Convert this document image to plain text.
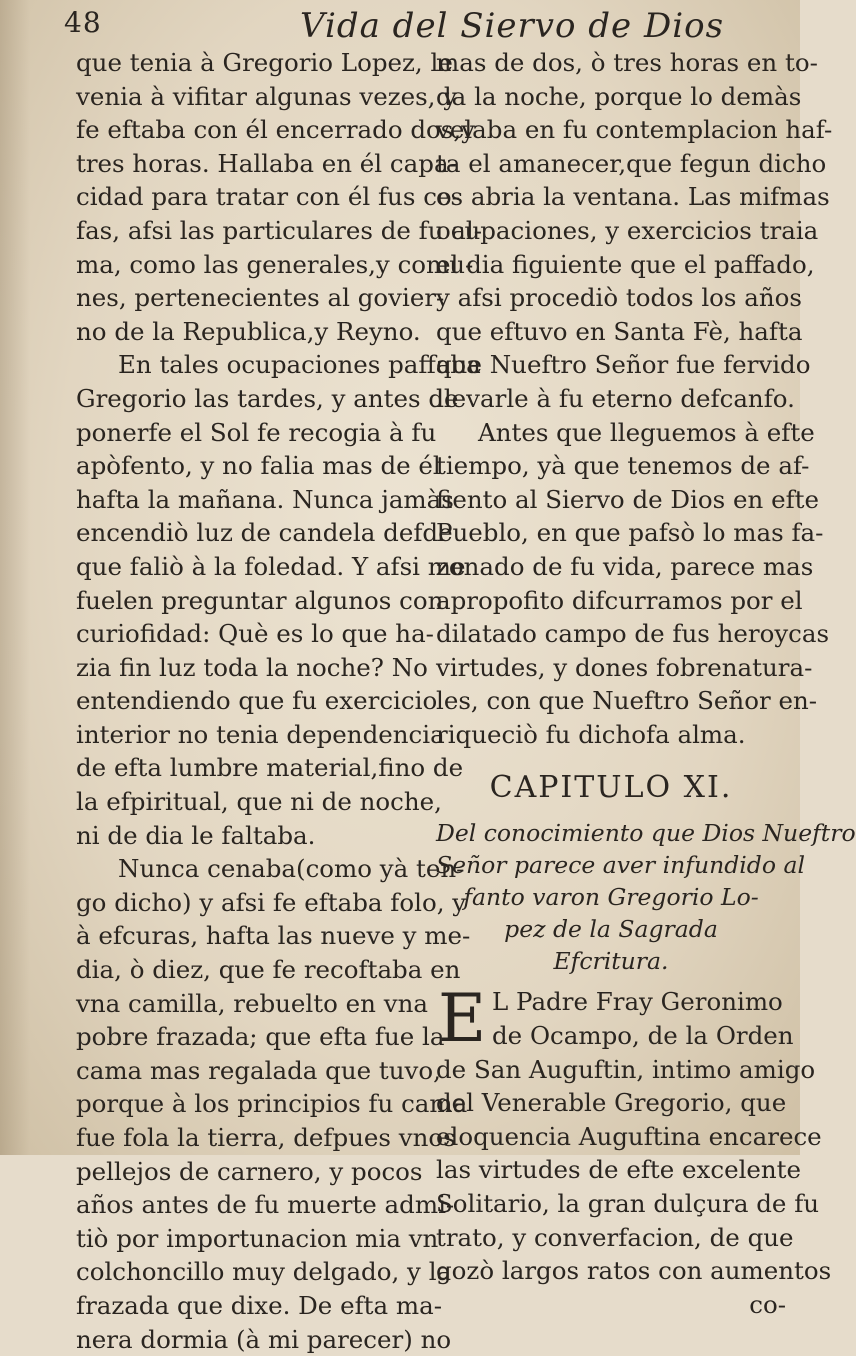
48	Vida del Siervo de Dios
que tenia à Gregorio Lopez, le
venia à vifitar algunas vezes, y
fe eftaba con él encerrado dos,y
tres horas. Hallaba en él capa-
cidad para tratar con él fus co-
fas, afsi las particulares de fu al-
ma, como las generales,y comu-
nes, pertenecientes al govier-
no de la Republica,y Reyno.
En tales ocupaciones paffaba
Gregorio las tardes, y antes de
ponerfe el Sol fe recogia à fu
apòfento, y no falia mas de él
hafta la mañana. Nunca jamàs
encendiò luz de candela defde
que faliò à la foledad. Y afsi me
fuelen preguntar algunos con
curiofidad: Què es lo que ha-
zia fin luz toda la noche? No
entendiendo que fu exercicio
interior no tenia dependencia
de efta lumbre material,fino de
la efpiritual, que ni de noche,
ni de dia le faltaba.
Nunca cenaba(como yà ten-
go dicho) y afsi fe eftaba folo, y
à efcuras, hafta las nueve y me-
dia, ò diez, que fe recoftaba en
vna camilla, rebuelto en vna
pobre frazada; que efta fue la
cama mas regalada que tuvo,
porque à los principios fu cama
fue fola la tierra, defpues vnos
pellejos de carnero, y pocos
años antes de fu muerte admi-
tiò por importunacion mia vn
colchoncillo muy delgado, y la
frazada que dixe. De efta ma-
nera dormia (à mi parecer) no
mas de dos, ò tres horas en to-
da la noche, porque lo demàs
velaba en fu contemplacion haf-
ta el amanecer,que fegun dicho
es abria la ventana. Las mifmas
ocupaciones, y exercicios traia
el dia figuiente que el paffado,
y afsi procediò todos los años
que eftuvo en Santa Fè, hafta
que Nueftro Señor fue fervido
llevarle à fu eterno defcanfo.
Antes que lleguemos à efte
tiempo, yà que tenemos de af-
fiento al Siervo de Dios en efte
Pueblo, en que pafsò lo mas fa-
zonado de fu vida, parece mas
apropofito difcurramos por el
dilatado campo de fus heroycas
virtudes, y dones fobrenatura-
les, con que Nueftro Señor en-
riqueciò fu dichofa alma.
CAPITULO XI.
Del conocimiento que Dios Nueftro
Señor parece aver infundido al
fanto varon Gregorio Lo-
pez de la Sagrada
Efcritura.
E L Padre Fray Geronimo
de Ocampo, de la Orden
de San Auguftin, intimo amigo
del Venerable Gregorio, que
eloquencia Auguftina encarece
las virtudes de efte excelente
Solitario, la gran dulçura de fu
trato, y converfacion, de que
gozò largos ratos con aumentos
co-
